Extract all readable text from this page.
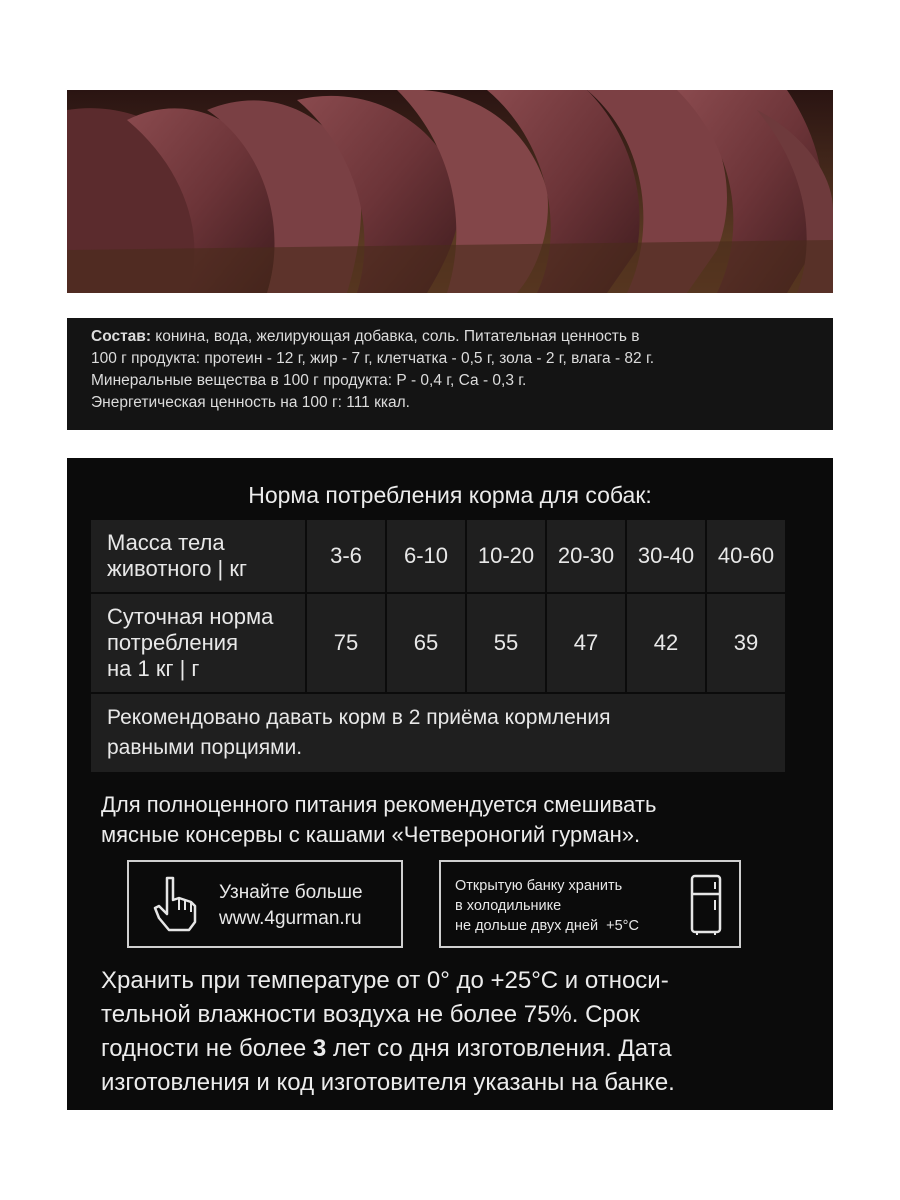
Состав: конина, вода, желирующая добавка, соль. Питательная ценность в

100 г продукта: протеин - 12 г, жир - 7 г, клетчатка - 0,5 г, зола - 2 г, влага - 82 г.

Минеральные вещества в 100 г продукта: Р - 0,4 г, Са - 0,3 г.

Энергетическая ценность на 100 г: 111 ккал.

Норма потребления корма для собак:
Масса тела
животного | кг
3-6	6-10	10-20	20-30	30-40	40-60
Суточная норма
потребления
на 1 кг | г
75	65	55	47	42	39
Рекомендовано давать корм в 2 приёма кормления
равными порциями.
Для полноценного питания рекомендуется смешивать
мясные консервы с кашами «Четвероногий гурман».
Узнайте больше
www.4gurman.ru
Открытую банку хранить
в холодильнике
не дольше двух дней +5°С
Хранить при температуре от 0° до +25°С и относи-
тельной влажности воздуха не более 75%. Срок
годности не более 3 лет со дня изготовления. Дата
изготовления и код изготовителя указаны на банке.
